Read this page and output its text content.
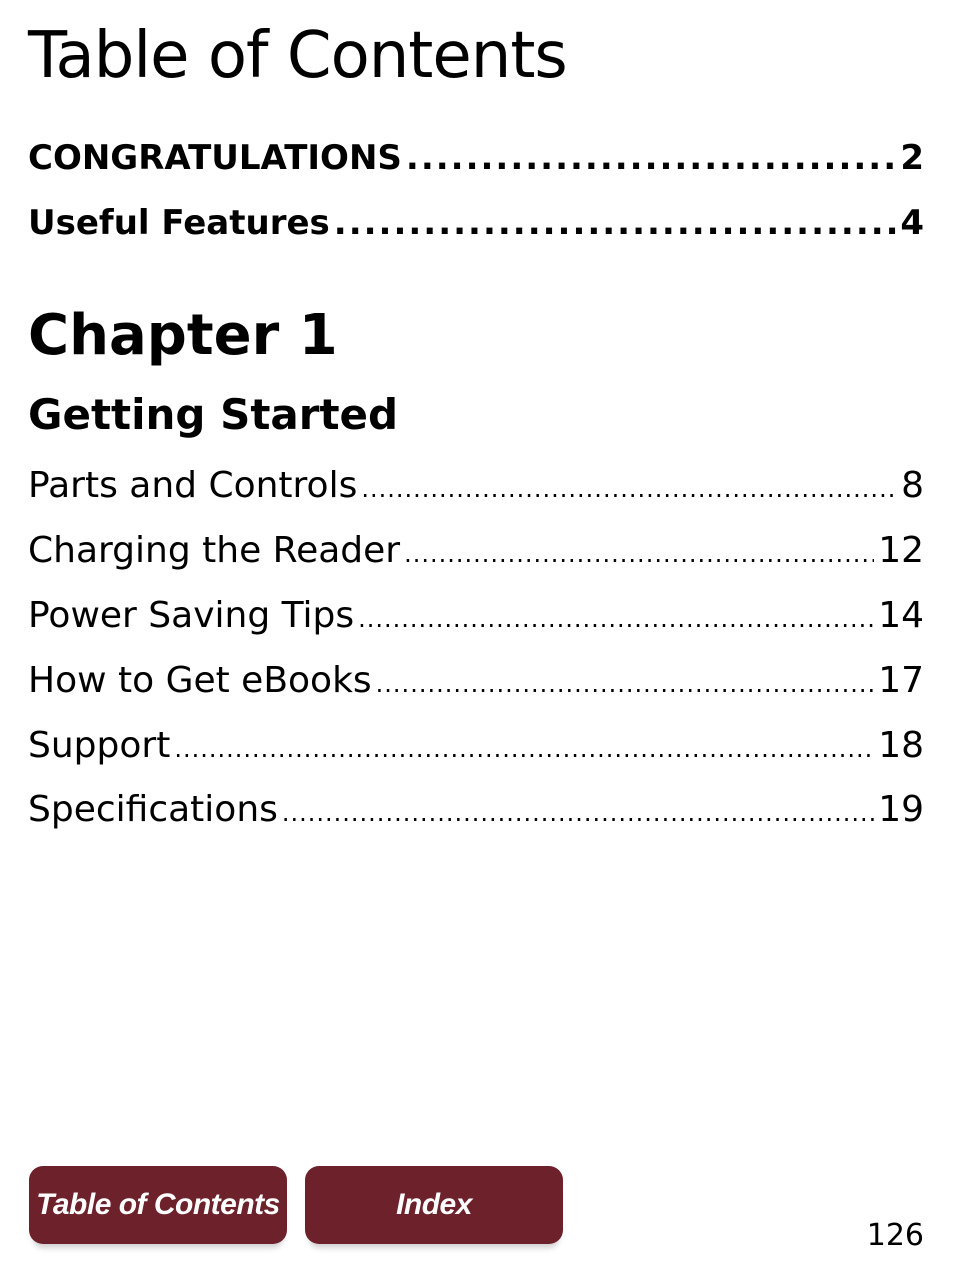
Table of Contents
CONGRATULATIONS .....	2
Useful Features .....	4
Chapter 1
Getting Started
Parts and Controls .....	8
Charging the Reader .....	12
Power Saving Tips .....	14
How to Get eBooks .....	17
Support .....	18
Specifications .....	19
Table of Contents	Index
126
